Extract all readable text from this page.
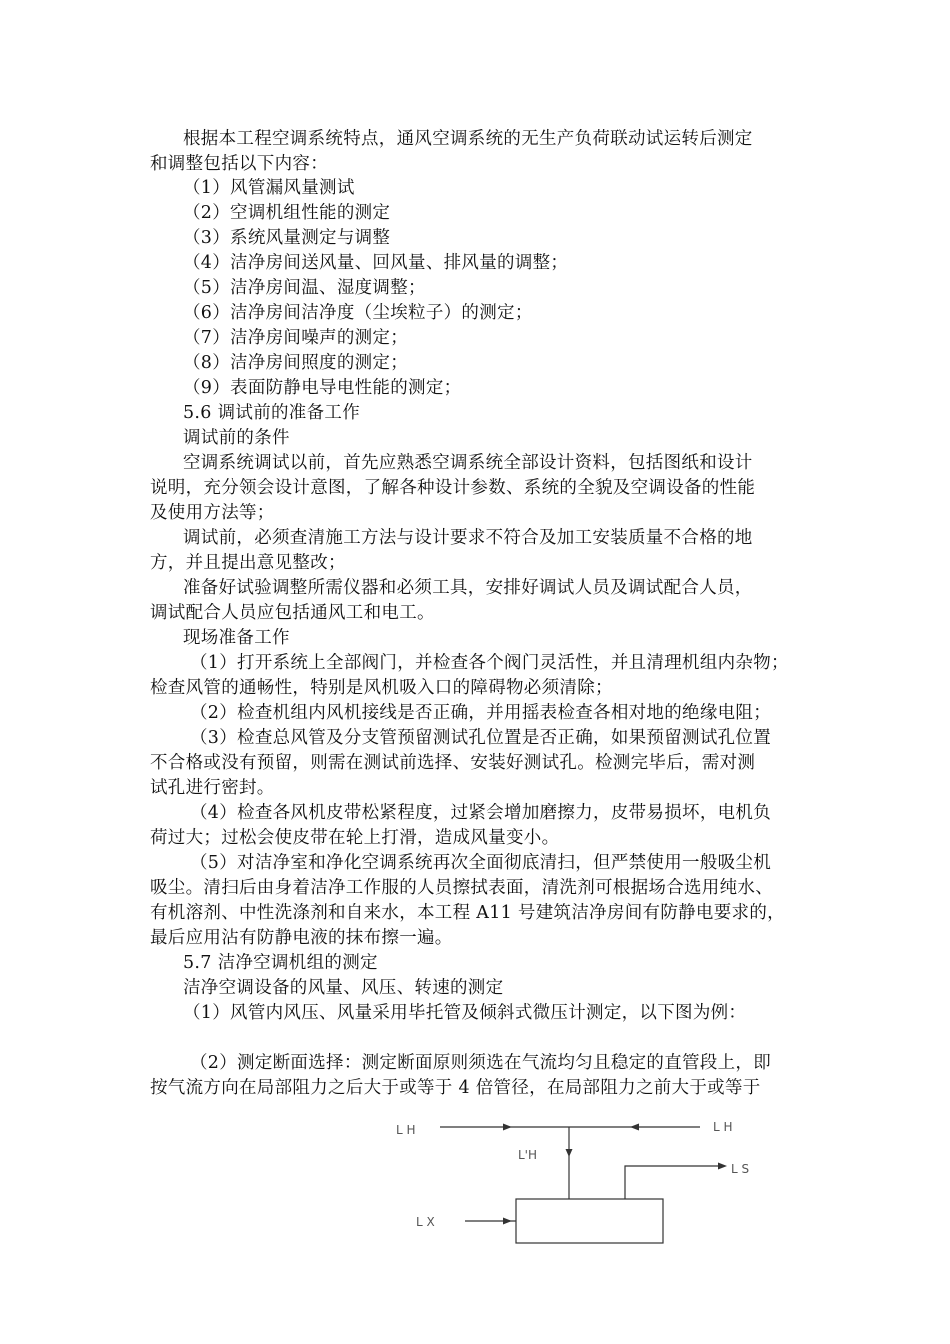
根据本工程空调系统特点，通风空调系统的无生产负荷联动试运转后测定
和调整包括以下内容：
（1）风管漏风量测试
（2）空调机组性能的测定
（3）系统风量测定与调整
（4）洁净房间送风量、回风量、排风量的调整；
（5）洁净房间温、湿度调整；
（6）洁净房间洁净度（尘埃粒子）的测定；
（7）洁净房间噪声的测定；
（8）洁净房间照度的测定；
（9）表面防静电导电性能的测定；
5.6 调试前的准备工作
调试前的条件
空调系统调试以前，首先应熟悉空调系统全部设计资料，包括图纸和设计
说明，充分领会设计意图，了解各种设计参数、系统的全貌及空调设备的性能
及使用方法等；
调试前，必须查清施工方法与设计要求不符合及加工安装质量不合格的地
方，并且提出意见整改；
准备好试验调整所需仪器和必须工具，安排好调试人员及调试配合人员，
调试配合人员应包括通风工和电工。
现场准备工作
（1）打开系统上全部阀门，并检查各个阀门灵活性，并且清理机组内杂物；
检查风管的通畅性，特别是风机吸入口的障碍物必须清除；
（2）检查机组内风机接线是否正确，并用摇表检查各相对地的绝缘电阻；
（3）检查总风管及分支管预留测试孔位置是否正确，如果预留测试孔位置
不合格或没有预留，则需在测试前选择、安装好测试孔。检测完毕后，需对测
试孔进行密封。
（4）检查各风机皮带松紧程度，过紧会增加磨擦力，皮带易损坏，电机负
荷过大；过松会使皮带在轮上打滑，造成风量变小。
（5）对洁净室和净化空调系统再次全面彻底清扫，但严禁使用一般吸尘机
吸尘。清扫后由身着洁净工作服的人员擦拭表面，清洗剂可根据场合选用纯水、
有机溶剂、中性洗涤剂和自来水，本工程 A11 号建筑洁净房间有防静电要求的，
最后应用沾有防静电液的抹布擦一遍。
5.7 洁净空调机组的测定
洁净空调设备的风量、风压、转速的测定
（1）风管内风压、风量采用毕托管及倾斜式微压计测定，以下图为例：
（2）测定断面选择：测定断面原则须选在气流均匀且稳定的直管段上，即
按气流方向在局部阻力之后大于或等于 4 倍管径，在局部阻力之前大于或等于
L H	L H
L'H
L S
L X
